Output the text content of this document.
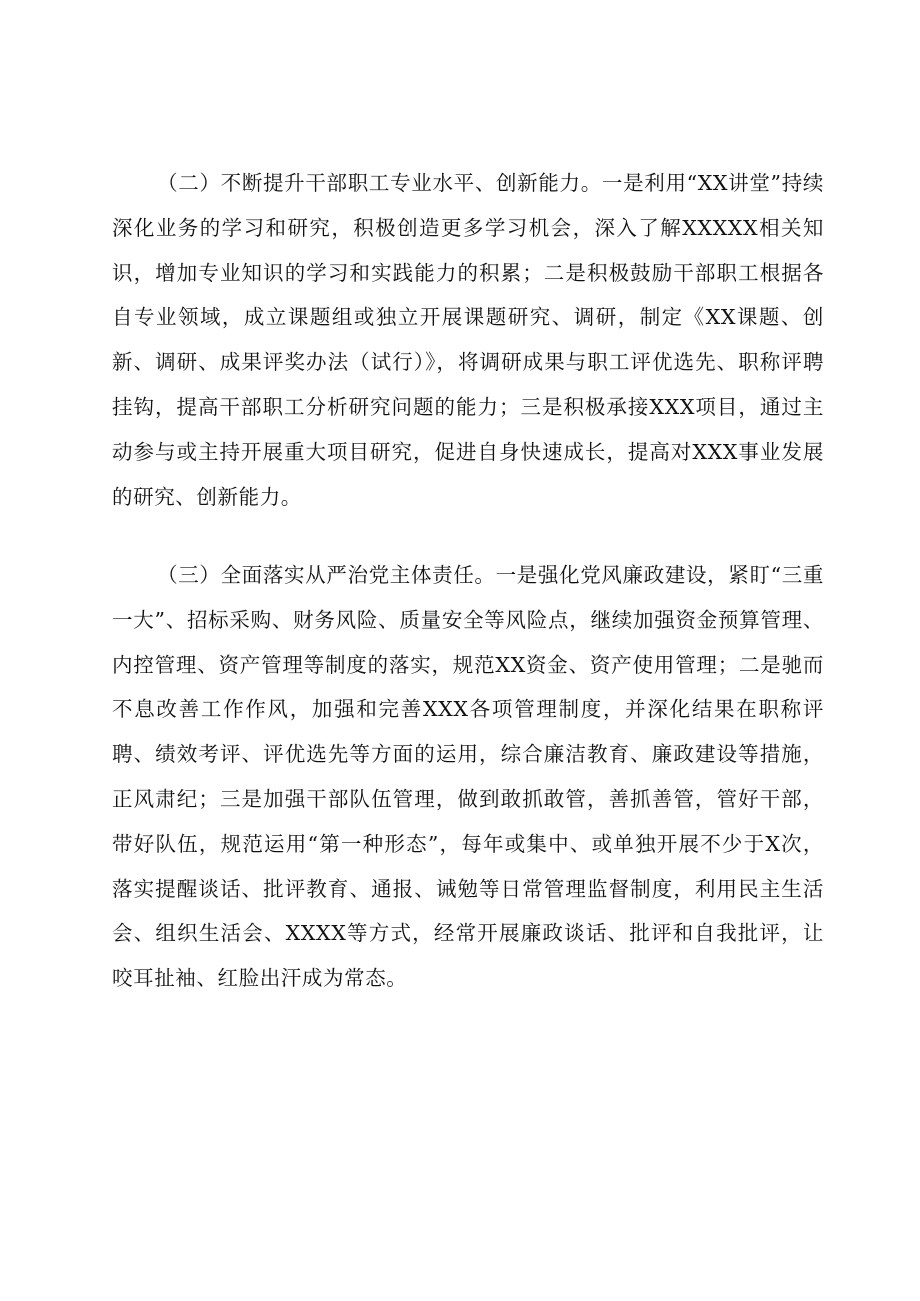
（二）不断提升干部职工专业水平、创新能力。一是利用“XX讲堂”持续深化业务的学习和研究，积极创造更多学习机会，深入了解XXXXX相关知识，增加专业知识的学习和实践能力的积累；二是积极鼓励干部职工根据各自专业领域，成立课题组或独立开展课题研究、调研，制定《XX课题、创新、调研、成果评奖办法（试行）》，将调研成果与职工评优选先、职称评聘挂钩，提高干部职工分析研究问题的能力；三是积极承接XXX项目，通过主动参与或主持开展重大项目研究，促进自身快速成长，提高对XXX事业发展的研究、创新能力。

（三）全面落实从严治党主体责任。一是强化党风廉政建设，紧盯“三重一大”、招标采购、财务风险、质量安全等风险点，继续加强资金预算管理、内控管理、资产管理等制度的落实，规范XX资金、资产使用管理；二是驰而不息改善工作作风，加强和完善XXX各项管理制度，并深化结果在职称评聘、绩效考评、评优选先等方面的运用，综合廉洁教育、廉政建设等措施，正风肃纪；三是加强干部队伍管理，做到敢抓敢管，善抓善管，管好干部，带好队伍，规范运用“第一种形态”，每年或集中、或单独开展不少于X次，落实提醒谈话、批评教育、通报、诫勉等日常管理监督制度，利用民主生活会、组织生活会、XXXX等方式，经常开展廉政谈话、批评和自我批评，让咬耳扯袖、红脸出汗成为常态。
